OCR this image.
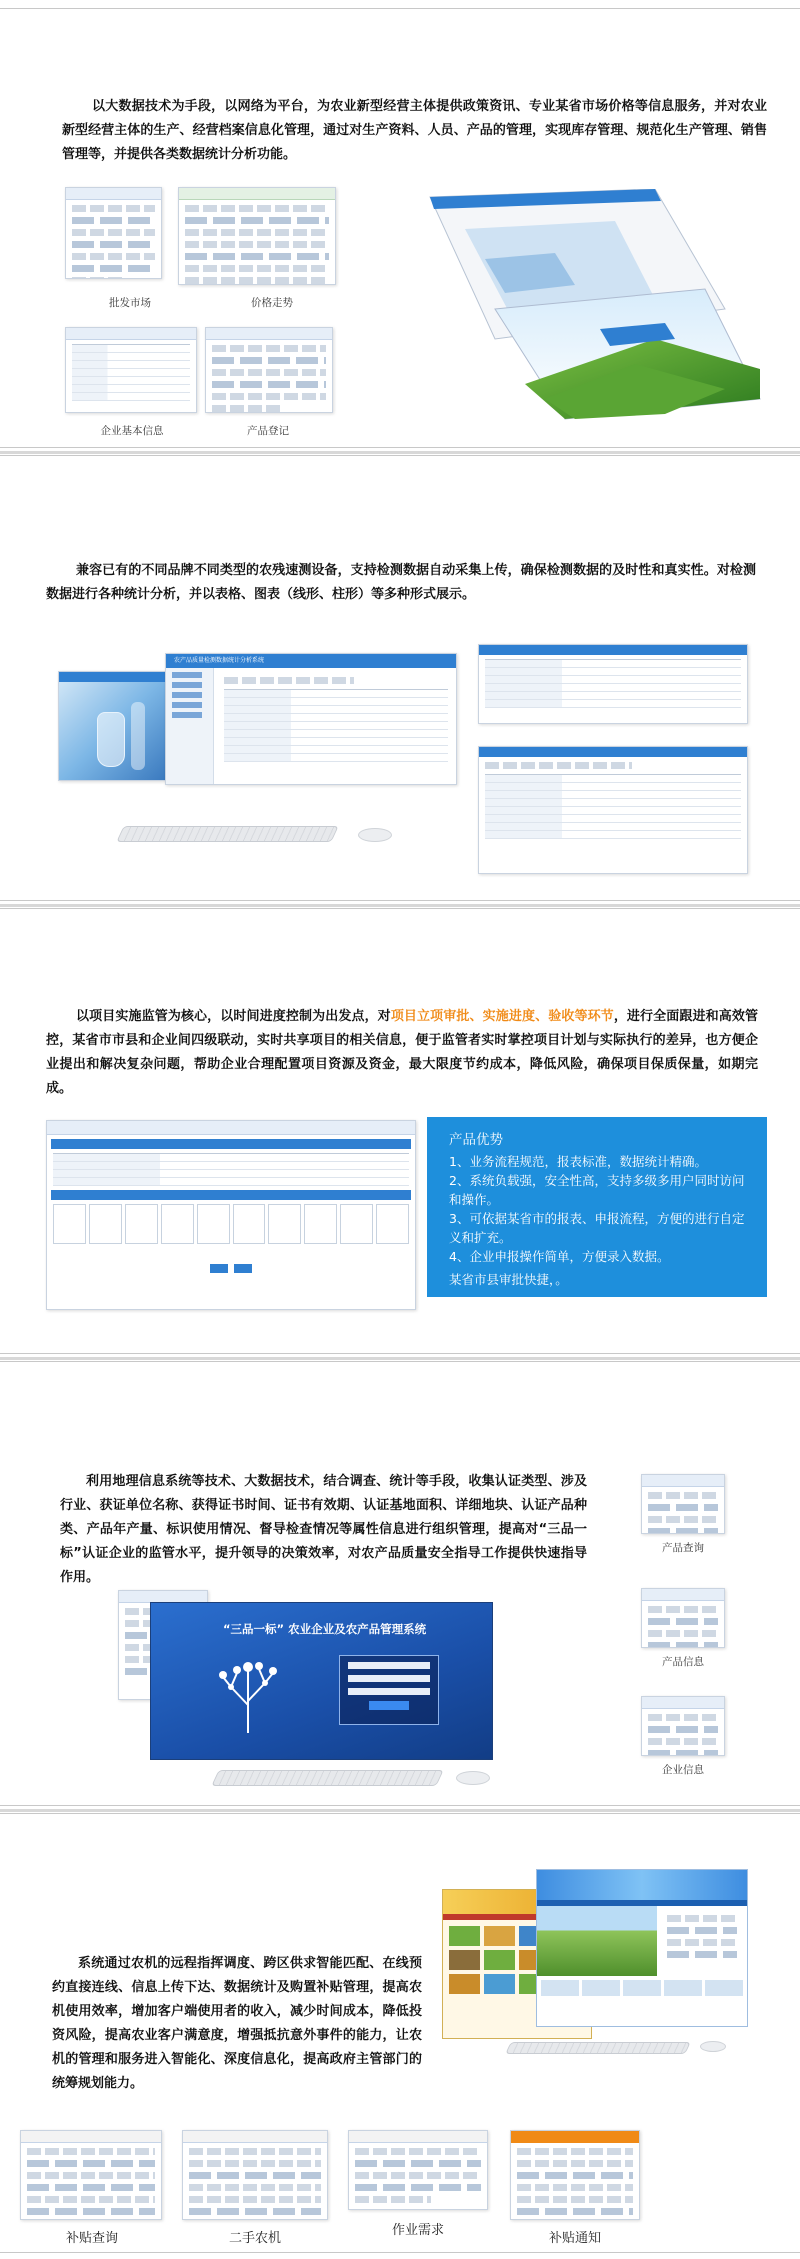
以大数据技术为手段，以网络为平台，为农业新型经营主体提供政策资讯、专业某省市场价格等信息服务，并对农业新型经营主体的生产、经营档案信息化管理，通过对生产资料、人员、产品的管理，实现库存管理、规范化生产管理、销售管理等，并提供各类数据统计分析功能。
批发市场	价格走势
企业基本信息	产品登记
兼容已有的不同品牌不同类型的农残速测设备，支持检测数据自动采集上传，确保检测数据的及时性和真实性。对检测数据进行各种统计分析，并以表格、图表（线形、柱形）等多种形式展示。
农产品质量检测数据统计分析系统
以项目实施监管为核心，以时间进度控制为出发点，对项目立项审批、实施进度、验收等环节，进行全面跟进和高效管控，某省市市县和企业间四级联动，实时共享项目的相关信息，便于监管者实时掌控项目计划与实际执行的差异，也方便企业提出和解决复杂问题，帮助企业合理配置项目资源及资金，最大限度节约成本，降低风险，确保项目保质保量，如期完成。
产品优势
1、业务流程规范，报表标准，数据统计精确。
2、系统负载强，安全性高，支持多级多用户同时访问和操作。
3、可依据某省市的报表、申报流程，方便的进行自定义和扩充。
4、企业申报操作简单，方便录入数据。
某省市县审批快捷，。
利用地理信息系统等技术、大数据技术，结合调查、统计等手段，收集认证类型、涉及行业、获证单位名称、获得证书时间、证书有效期、认证基地面积、详细地块、认证产品种类、产品年产量、标识使用情况、督导检查情况等属性信息进行组织管理，提高对“三品一标”认证企业的监管水平，提升领导的决策效率，对农产品质量安全指导工作提供快速指导作用。
产品查询
产品信息
企业信息
“三品一标” 农业企业及农产品管理系统
系统通过农机的远程指挥调度、跨区供求智能匹配、在线预约直接连线、信息上传下达、数据统计及购置补贴管理，提高农机使用效率，增加客户端使用者的收入，减少时间成本，降低投资风险，提高农业客户满意度，增强抵抗意外事件的能力，让农机的管理和服务进入智能化、深度信息化，提高政府主管部门的统筹规划能力。
补贴查询	二手农机
作业需求
补贴通知
